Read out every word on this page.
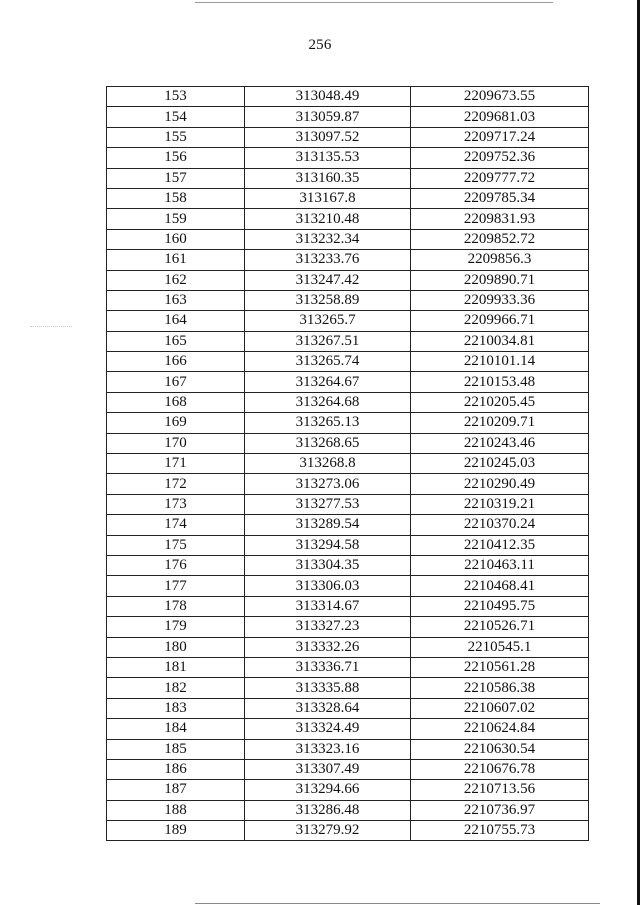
256
153	313048.49	2209673.55
154	313059.87	2209681.03
155	313097.52	2209717.24
156	313135.53	2209752.36
157	313160.35	2209777.72
158	313167.8	2209785.34
159	313210.48	2209831.93
160	313232.34	2209852.72
161	313233.76	2209856.3
162	313247.42	2209890.71
163	313258.89	2209933.36
164	313265.7	2209966.71
165	313267.51	2210034.81
166	313265.74	2210101.14
167	313264.67	2210153.48
168	313264.68	2210205.45
169	313265.13	2210209.71
170	313268.65	2210243.46
171	313268.8	2210245.03
172	313273.06	2210290.49
173	313277.53	2210319.21
174	313289.54	2210370.24
175	313294.58	2210412.35
176	313304.35	2210463.11
177	313306.03	2210468.41
178	313314.67	2210495.75
179	313327.23	2210526.71
180	313332.26	2210545.1
181	313336.71	2210561.28
182	313335.88	2210586.38
183	313328.64	2210607.02
184	313324.49	2210624.84
185	313323.16	2210630.54
186	313307.49	2210676.78
187	313294.66	2210713.56
188	313286.48	2210736.97
189	313279.92	2210755.73
